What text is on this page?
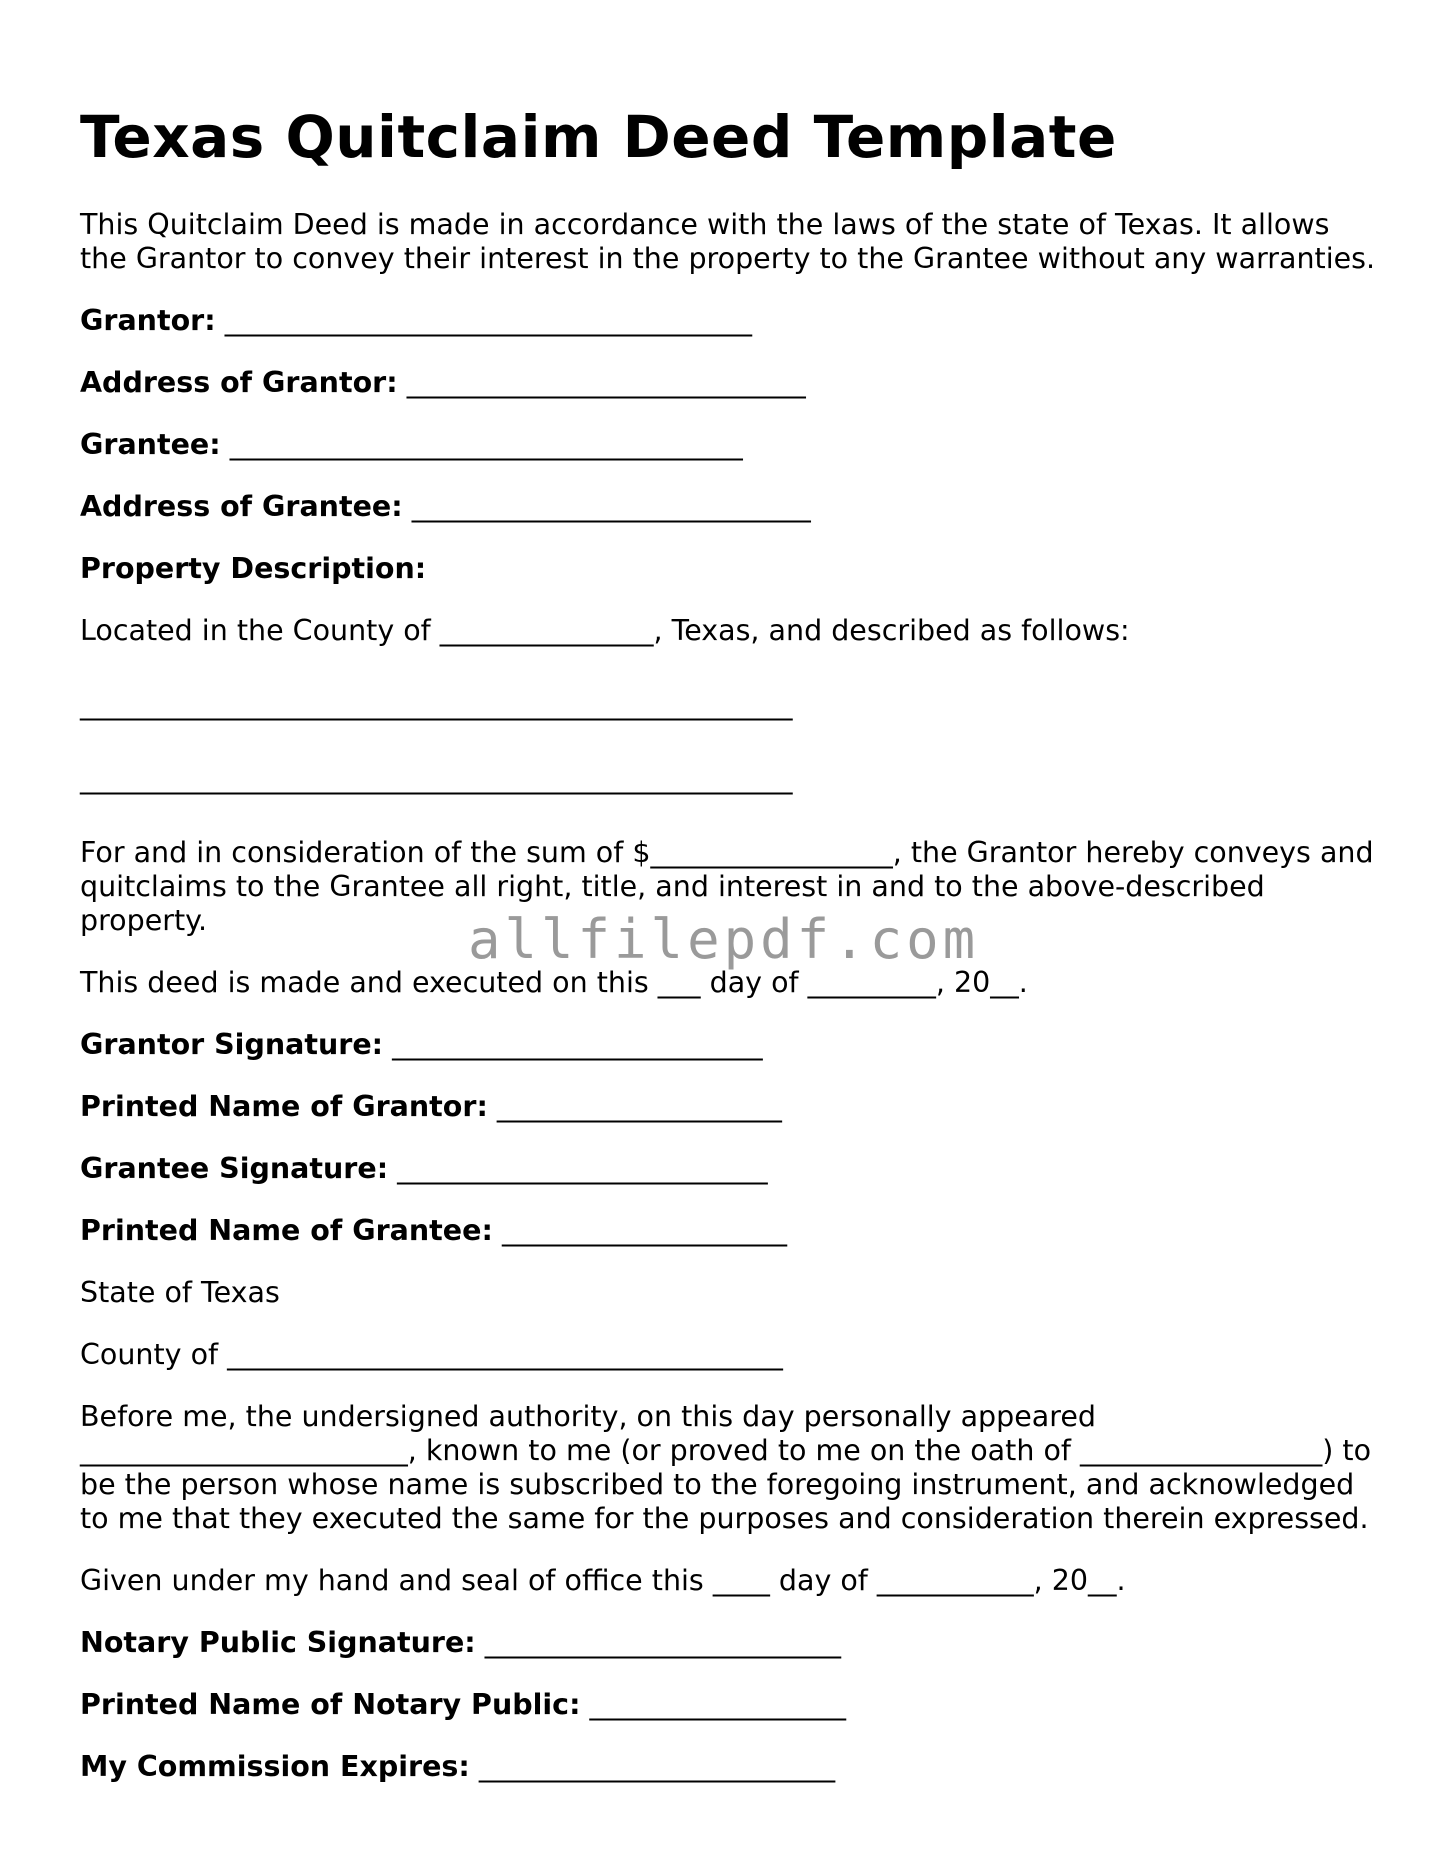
Texas Quitclaim Deed Template

This Quitclaim Deed is made in accordance with the laws of the state of Texas. It allows the Grantor to convey their interest in the property to the Grantee without any warranties.

Grantor: _____________________________________

Address of Grantor: ____________________________

Grantee: ____________________________________

Address of Grantee: ____________________________

Property Description:

Located in the County of _______________, Texas, and described as follows:

__________________________________________________

__________________________________________________

For and in consideration of the sum of $_________________, the Grantor hereby conveys and quitclaims to the Grantee all right, title, and interest in and to the above-described property.

This deed is made and executed on this ___ day of _________, 20__.

Grantor Signature: __________________________

Printed Name of Grantor: ____________________

Grantee Signature: __________________________

Printed Name of Grantee: ____________________

State of Texas

County of _______________________________________

Before me, the undersigned authority, on this day personally appeared _______________________, known to me (or proved to me on the oath of _________________) to be the person whose name is subscribed to the foregoing instrument, and acknowledged to me that they executed the same for the purposes and consideration therein expressed.

Given under my hand and seal of office this ____ day of ___________, 20__.

Notary Public Signature: _________________________

Printed Name of Notary Public: __________________

My Commission Expires: _________________________

allfilepdf.com
